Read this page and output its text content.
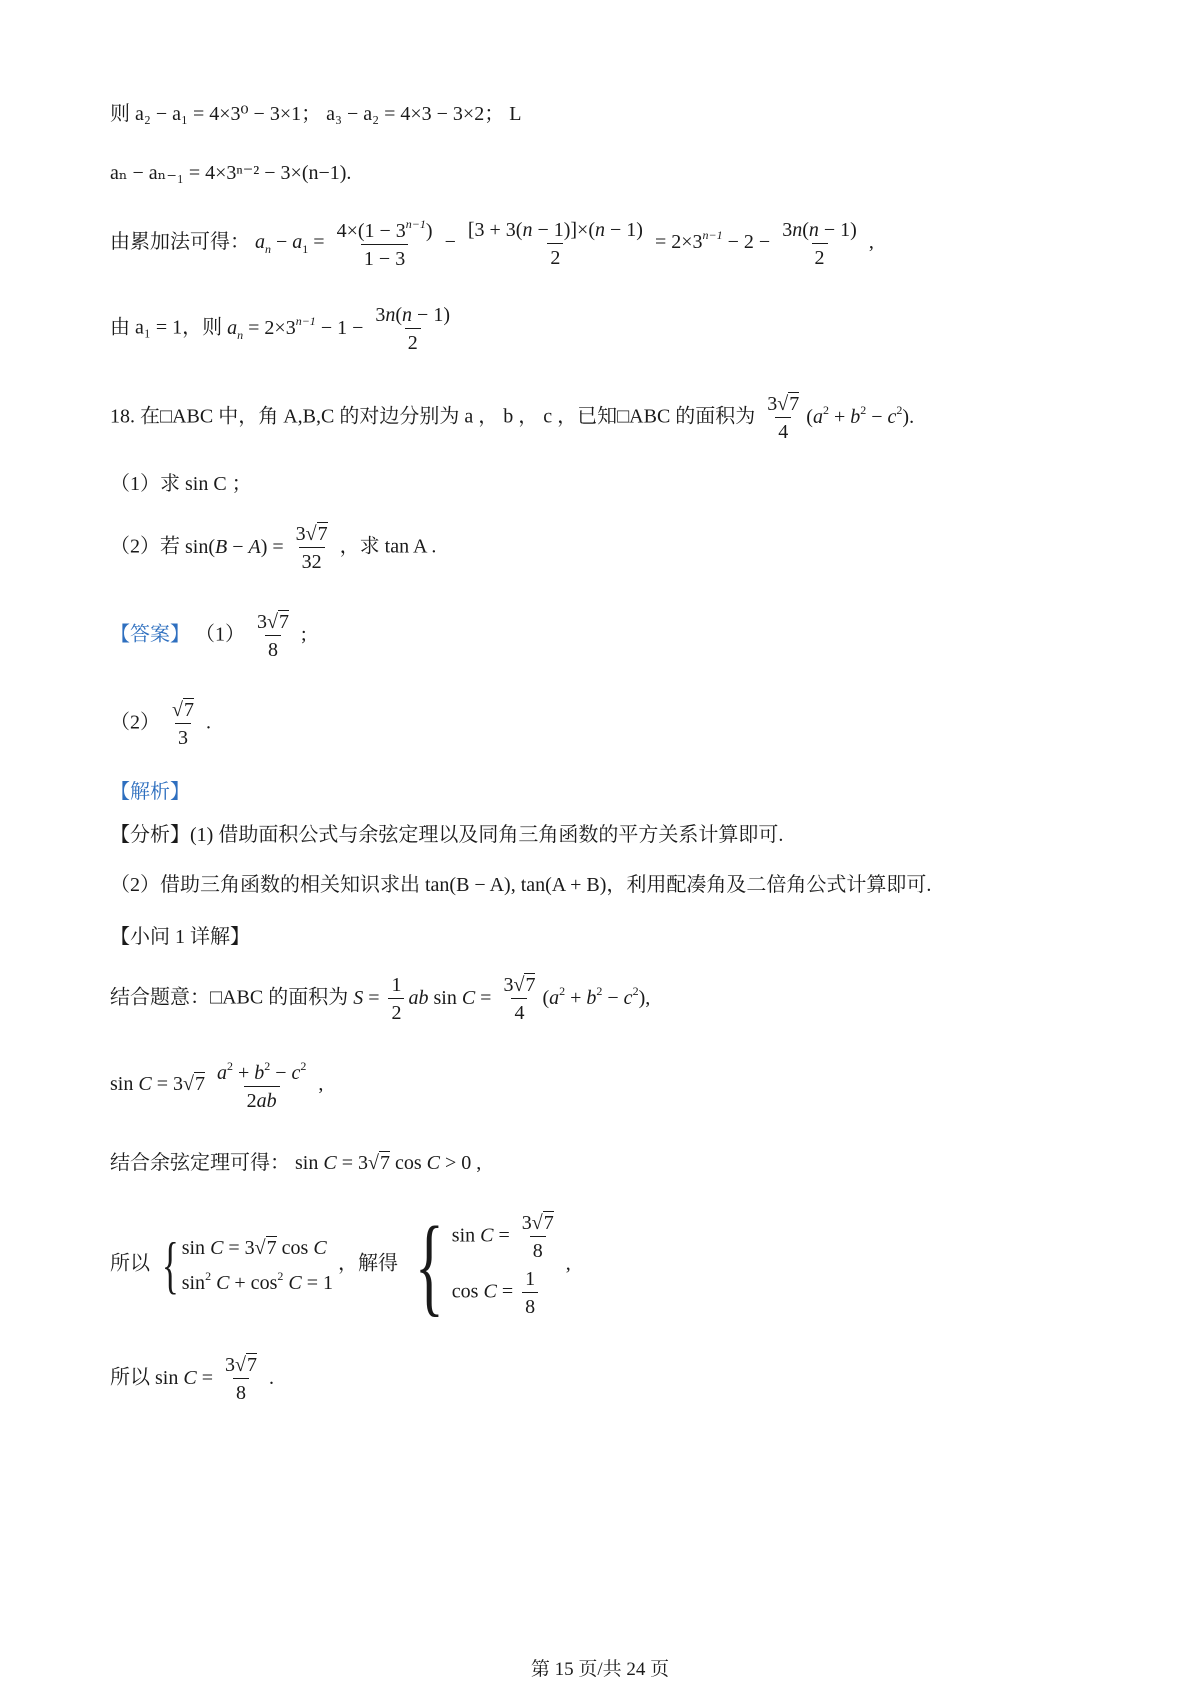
则 a₂ − a₁ = 4×3⁰ − 3×1； a₃ − a₂ = 4×3 − 3×2； L
aₙ − aₙ₋₁ = 4×3ⁿ⁻² − 3×(n−1).
由累加法可得： $a_n - a_1 = \frac{4\times(1 - 3^{n-1})}{1 - 3} - \frac{[3 + 3(n - 1)]\times(n - 1)}{2} = 2\times 3^{n-1} - 2 - \frac{3n(n - 1)}{2}$ ,
由 a₁ = 1，则 $a_n = 2\times 3^{n-1} - 1 - \frac{3n(n - 1)}{2}$
18. 在□ABC 中，角 A,B,C 的对边分别为 a ， b ， c ，已知□ABC 的面积为 $\frac{3√7}{4} (a^2 + b^2 - c^2)$.
（1）求 sin C ；
（2）若 $\sin(B - A) = \frac{3√7}{32}$ ，求 tan A .
【答案】 $(1) \frac{3√7}{8}$ ;
$(2) \frac{√7}{3}$ .
【解析】
【分析】(1) 借助面积公式与余弦定理以及同角三角函数的平方关系计算即可.
（2）借助三角函数的相关知识求出 tan(B − A), tan(A + B)，利用配凑角及二倍角公式计算即可.
【小问 1 详解】
结合题意：□ABC 的面积为 $S = \frac{1}{2}$ ab $\sin C = \frac{3√7}{4} (a^2 + b^2 - c^2)$,
$\sin C = 3√7 \frac{a^2 + b^2 - c^2}{2ab}$ ,
结合余弦定理可得： sin C = 3√7 cos C > 0 ,
所以 { sin C = 3√7 cos C
$\sin^2 C + \cos^2 C = 1$
，解得 { $\sin C = \frac{3√7}{8}$
$\cos C = \frac{1}{8}$
,
所以 $\sin C = \frac{3√7}{8}$ .
第 15 页/共 24 页
